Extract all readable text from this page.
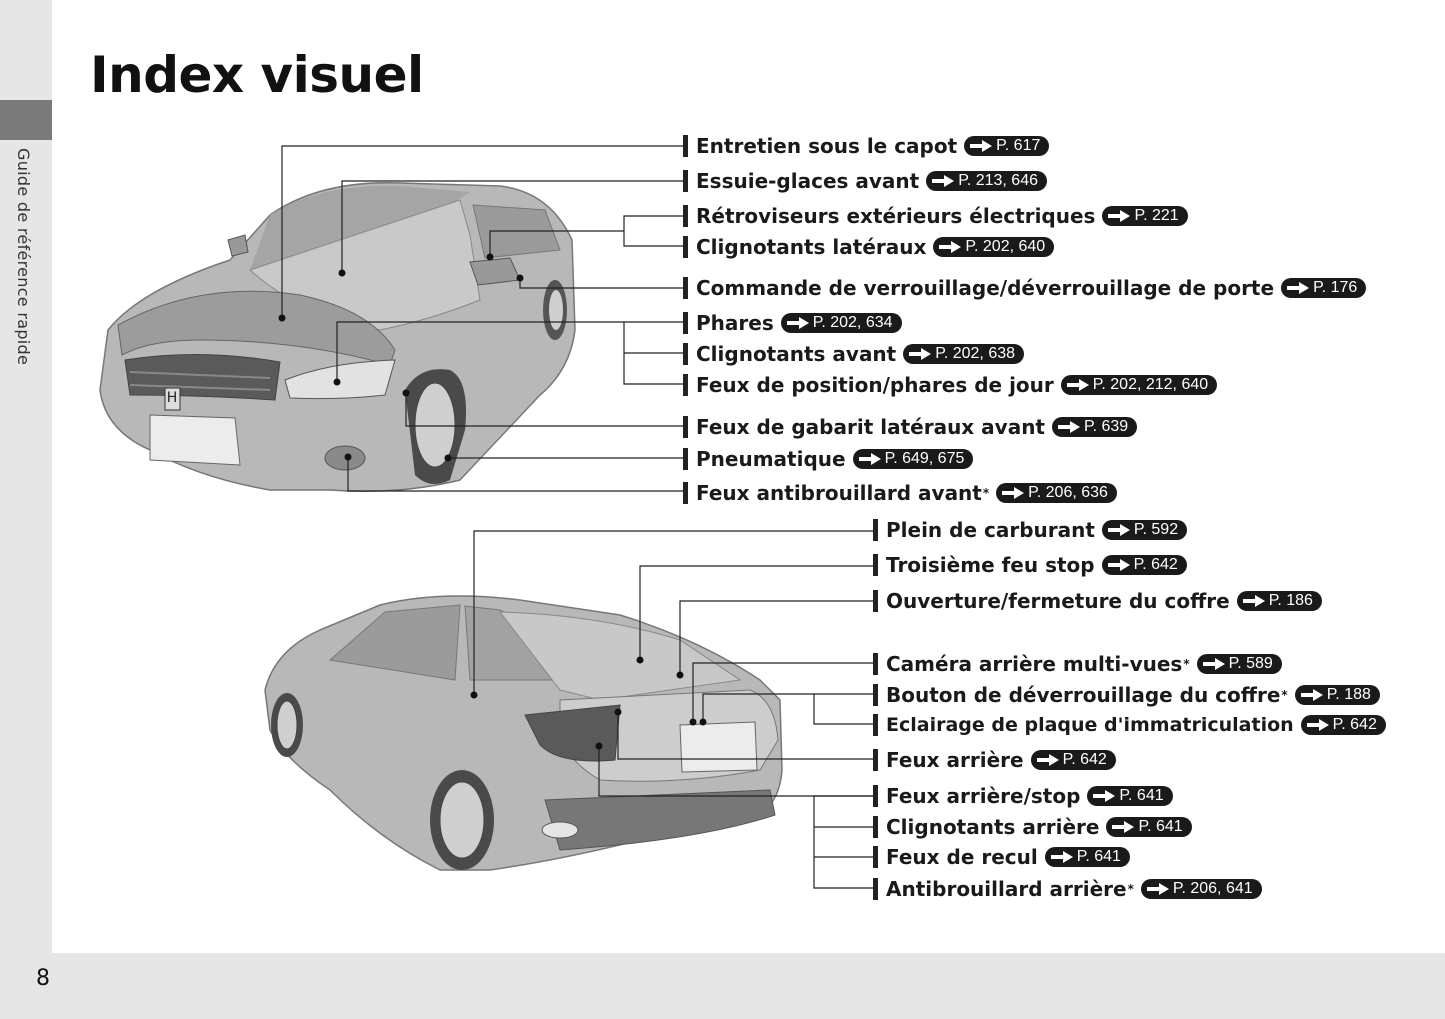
Guide de référence rapide
8
Index visuel
H
Entretien sous le capot P. 617
Essuie-glaces avant P. 213, 646
Rétroviseurs extérieurs électriques P. 221
Clignotants latéraux P. 202, 640
Commande de verrouillage/déverrouillage de porte P. 176
Phares P. 202, 634
Clignotants avant P. 202, 638
Feux de position/phares de jour P. 202, 212, 640
Feux de gabarit latéraux avant P. 639
Pneumatique P. 649, 675
Feux antibrouillard avant * P. 206, 636
Plein de carburant P. 592
Troisième feu stop P. 642
Ouverture/fermeture du coffre P. 186
Caméra arrière multi-vues * P. 589
Bouton de déverrouillage du coffre * P. 188
Eclairage de plaque d'immatriculation P. 642
Feux arrière P. 642
Feux arrière/stop P. 641
Clignotants arrière P. 641
Feux de recul P. 641
Antibrouillard arrière * P. 206, 641
